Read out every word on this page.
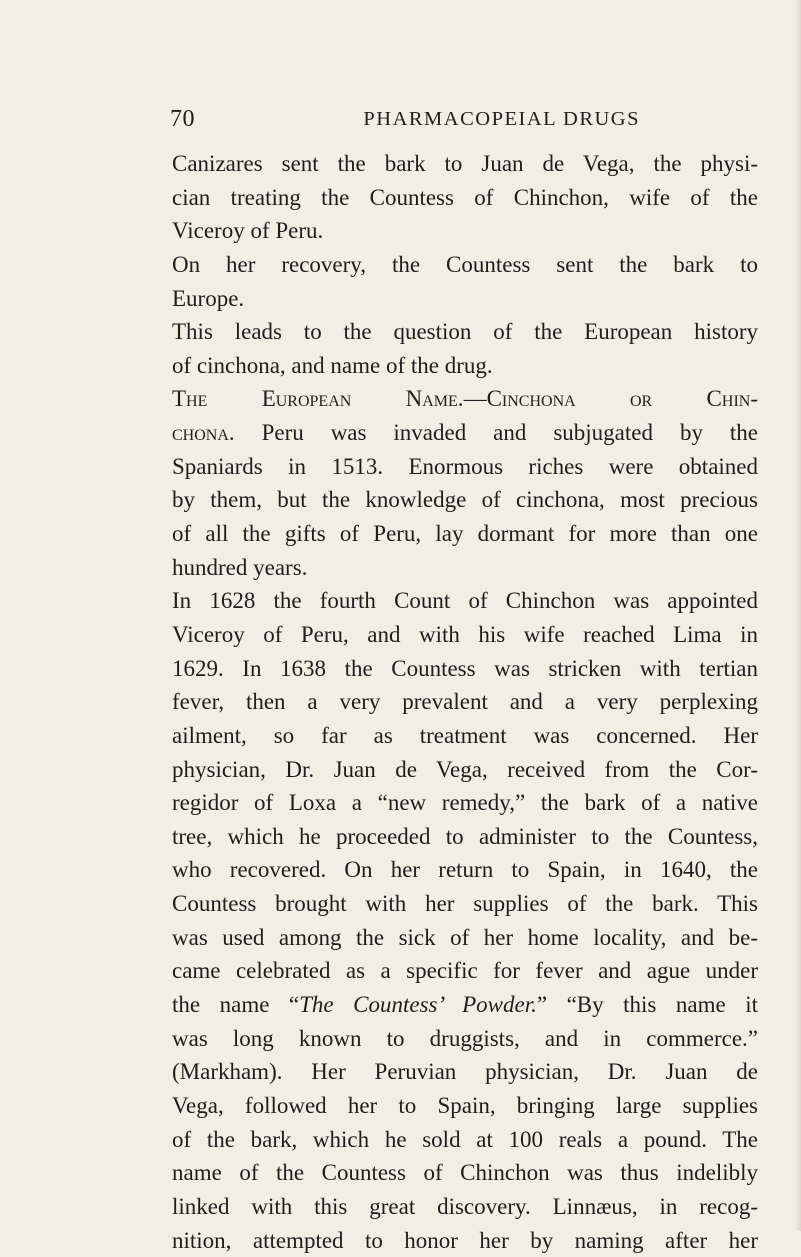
70	PHARMACOPEIAL DRUGS
Canizares sent the bark to Juan de Vega, the physi-
cian treating the Countess of Chinchon, wife of the
Viceroy of Peru.
On her recovery, the Countess sent the bark to
Europe.
This leads to the question of the European history
of cinchona, and name of the drug.
The European Name.—Cinchona or Chin-
chona. Peru was invaded and subjugated by the
Spaniards in 1513. Enormous riches were obtained
by them, but the knowledge of cinchona, most precious
of all the gifts of Peru, lay dormant for more than one
hundred years.
In 1628 the fourth Count of Chinchon was appointed
Viceroy of Peru, and with his wife reached Lima in
1629. In 1638 the Countess was stricken with tertian
fever, then a very prevalent and a very perplexing
ailment, so far as treatment was concerned. Her
physician, Dr. Juan de Vega, received from the Cor-
regidor of Loxa a “new remedy,” the bark of a native
tree, which he proceeded to administer to the Countess,
who recovered. On her return to Spain, in 1640, the
Countess brought with her supplies of the bark. This
was used among the sick of her home locality, and be-
came celebrated as a specific for fever and ague under
the name “The Countess’ Powder.” “By this name it
was long known to druggists, and in commerce.”
(Markham). Her Peruvian physician, Dr. Juan de
Vega, followed her to Spain, bringing large supplies
of the bark, which he sold at 100 reals a pound. The
name of the Countess of Chinchon was thus indelibly
linked with this great discovery. Linnæus, in recog-
nition, attempted to honor her by naming after her
